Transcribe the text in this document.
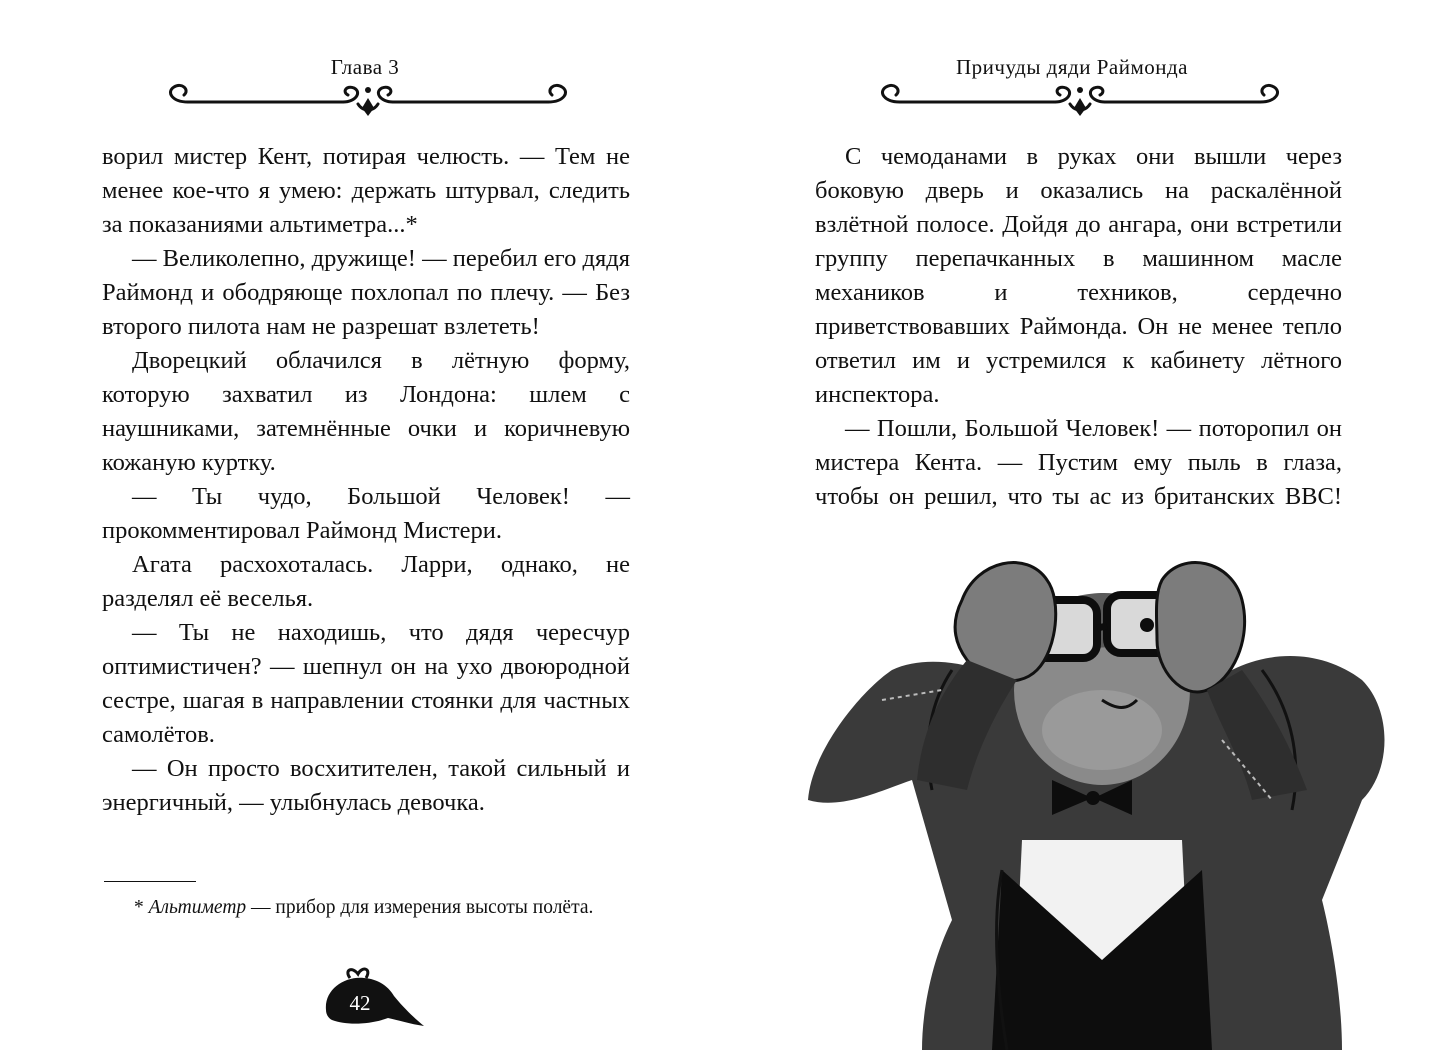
Глава 3

ворил мистер Кент, потирая челюсть. — Тем не менее кое-что я умею: держать штурвал, следить за показаниями альтиметра...*

— Великолепно, дружище! — перебил его дядя Раймонд и ободряюще похлопал по плечу. — Без второго пилота нам не разрешат взлететь!

Дворецкий облачился в лётную форму, которую захватил из Лондона: шлем с наушниками, затемнённые очки и коричневую кожаную куртку.

— Ты чудо, Большой Человек! — прокомментировал Раймонд Мистери.

Агата расхохоталась. Ларри, однако, не разделял её веселья.

— Ты не находишь, что дядя чересчур оптимистичен? — шепнул он на ухо двоюродной сестре, шагая в направлении стоянки для частных самолётов.

— Он просто восхитителен, такой сильный и энергичный, — улыбнулась девочка.

* Альтиметр — прибор для измерения высоты полёта.
42
Причуды дяди Раймонда

С чемоданами в руках они вышли через боковую дверь и оказались на раскалённой взлётной полосе. Дойдя до ангара, они встретили группу перепачканных в машинном масле механиков и техников, сердечно приветствовавших Раймонда. Он не менее тепло ответил им и устремился к кабинету лётного инспектора.

— Пошли, Большой Человек! — поторопил он мистера Кента. — Пустим ему пыль в глаза, чтобы он решил, что ты ас из британских ВВС!
